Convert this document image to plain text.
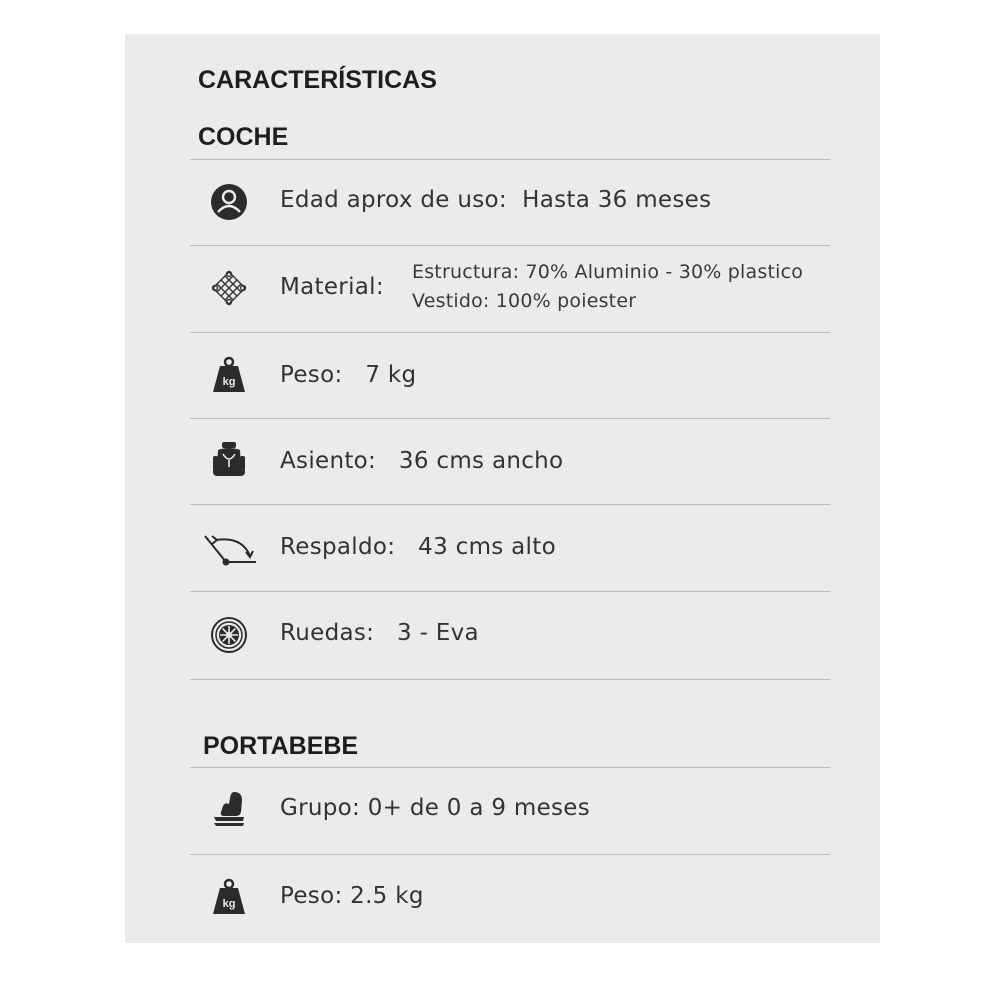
CARACTERÍSTICAS
COCHE
Edad aprox de uso: Hasta 36 meses
Material:
Estructura: 70% Aluminio - 30% plastico
Vestido: 100% poiester
kg Peso: 7 kg
Asiento: 36 cms ancho
Respaldo: 43 cms alto
Ruedas: 3 - Eva
PORTABEBE
Grupo: 0+ de 0 a 9 meses
kg Peso: 2.5 kg
